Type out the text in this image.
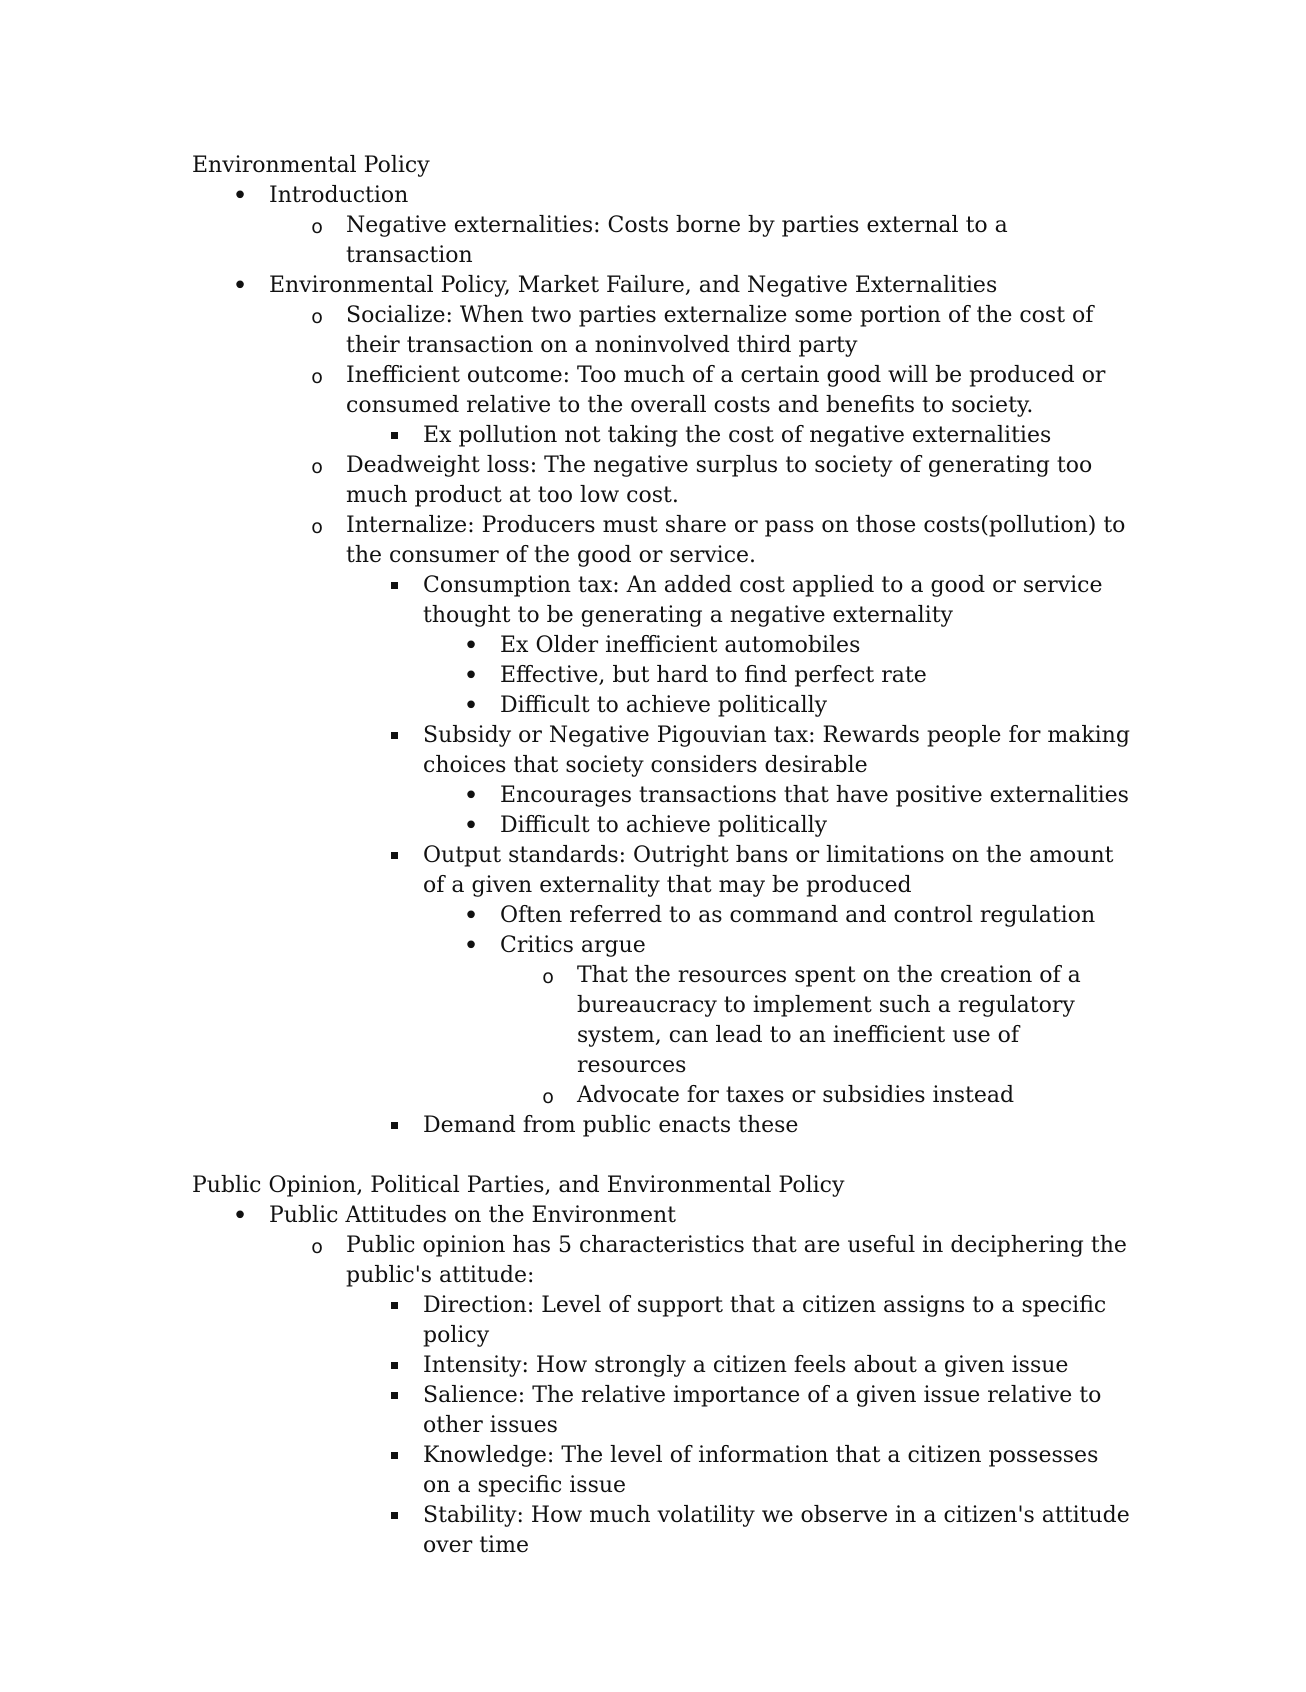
Environmental Policy
•
Introduction
o
Negative externalities: Costs borne by parties external to a transaction
•
Environmental Policy, Market Failure, and Negative Externalities
o
Socialize: When two parties externalize some portion of the cost of their transaction on a noninvolved third party
o
Inefficient outcome: Too much of a certain good will be produced or consumed relative to the overall costs and benefits to society.
Ex pollution not taking the cost of negative externalities
o
Deadweight loss: The negative surplus to society of generating too much product at too low cost.
o
Internalize: Producers must share or pass on those costs(pollution) to the consumer of the good or service.
Consumption tax: An added cost applied to a good or service thought to be generating a negative externality
•
Ex Older inefficient automobiles
•
Effective, but hard to find perfect rate
•
Difficult to achieve politically
Subsidy or Negative Pigouvian tax: Rewards people for making choices that society considers desirable
•
Encourages transactions that have positive externalities
•
Difficult to achieve politically
Output standards: Outright bans or limitations on the amount of a given externality that may be produced
•
Often referred to as command and control regulation
•
Critics argue
o
That the resources spent on the creation of a bureaucracy to implement such a regulatory system, can lead to an inefficient use of resources
o
Advocate for taxes or subsidies instead
Demand from public enacts these
Public Opinion, Political Parties, and Environmental Policy
•
Public Attitudes on the Environment
o
Public opinion has 5 characteristics that are useful in deciphering the public's attitude:
Direction: Level of support that a citizen assigns to a specific policy
Intensity: How strongly a citizen feels about a given issue
Salience: The relative importance of a given issue relative to other issues
Knowledge: The level of information that a citizen possesses on a specific issue
Stability: How much volatility we observe in a citizen's attitude over time
